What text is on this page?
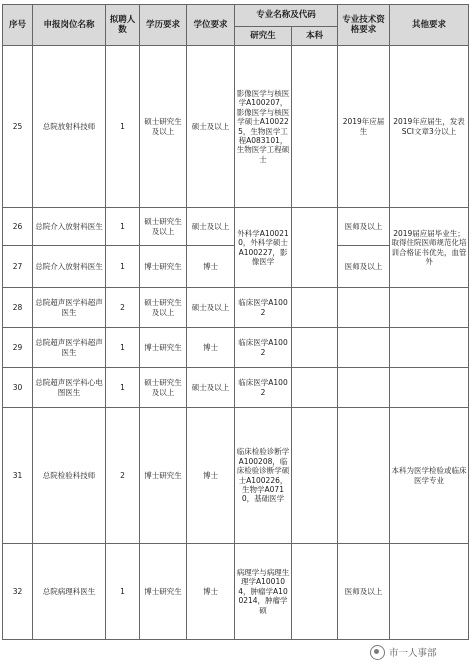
序号	申报岗位名称	拟聘人数	学历要求	学位要求	专业名称及代码		专业技术资格要求	其他要求
					研究生	本科		
25	总院放射科技师	1	硕士研究生及以上	硕士及以上	影像医学与核医学A100207，影像医学与核医学硕士A100225，生物医学工程A083101，生物医学工程硕士		2019年应届生	2019年应届生，发表SCI文章3分以上
26	总院介入放射科医生	1	硕士研究生及以上	硕士及以上	外科学A100210，外科学硕士A100227，影像医学		医师及以上	2019届应届毕业生；取得住院医师规范化培训合格证书优先，血管外
27	总院介入放射科医生	1	博士研究生	博士			医师及以上	
28	总院超声医学科超声医生	2	硕士研究生及以上	硕士及以上	临床医学A1002			
29	总院超声医学科超声医生	1	博士研究生	博士	临床医学A1002			
30	总院超声医学科心电图医生	1	硕士研究生及以上	硕士及以上	临床医学A1002			
31	总院检验科技师	2	博士研究生	博士	临床检验诊断学A100208，临床检验诊断学硕士A100226，生物学A0710，基础医学			本科为医学检验或临床医学专业
32	总院病理科医生	1	博士研究生	博士	病理学与病理生理学A100104，肿瘤学A100214，肿瘤学硕		医师及以上	
市一人事部
